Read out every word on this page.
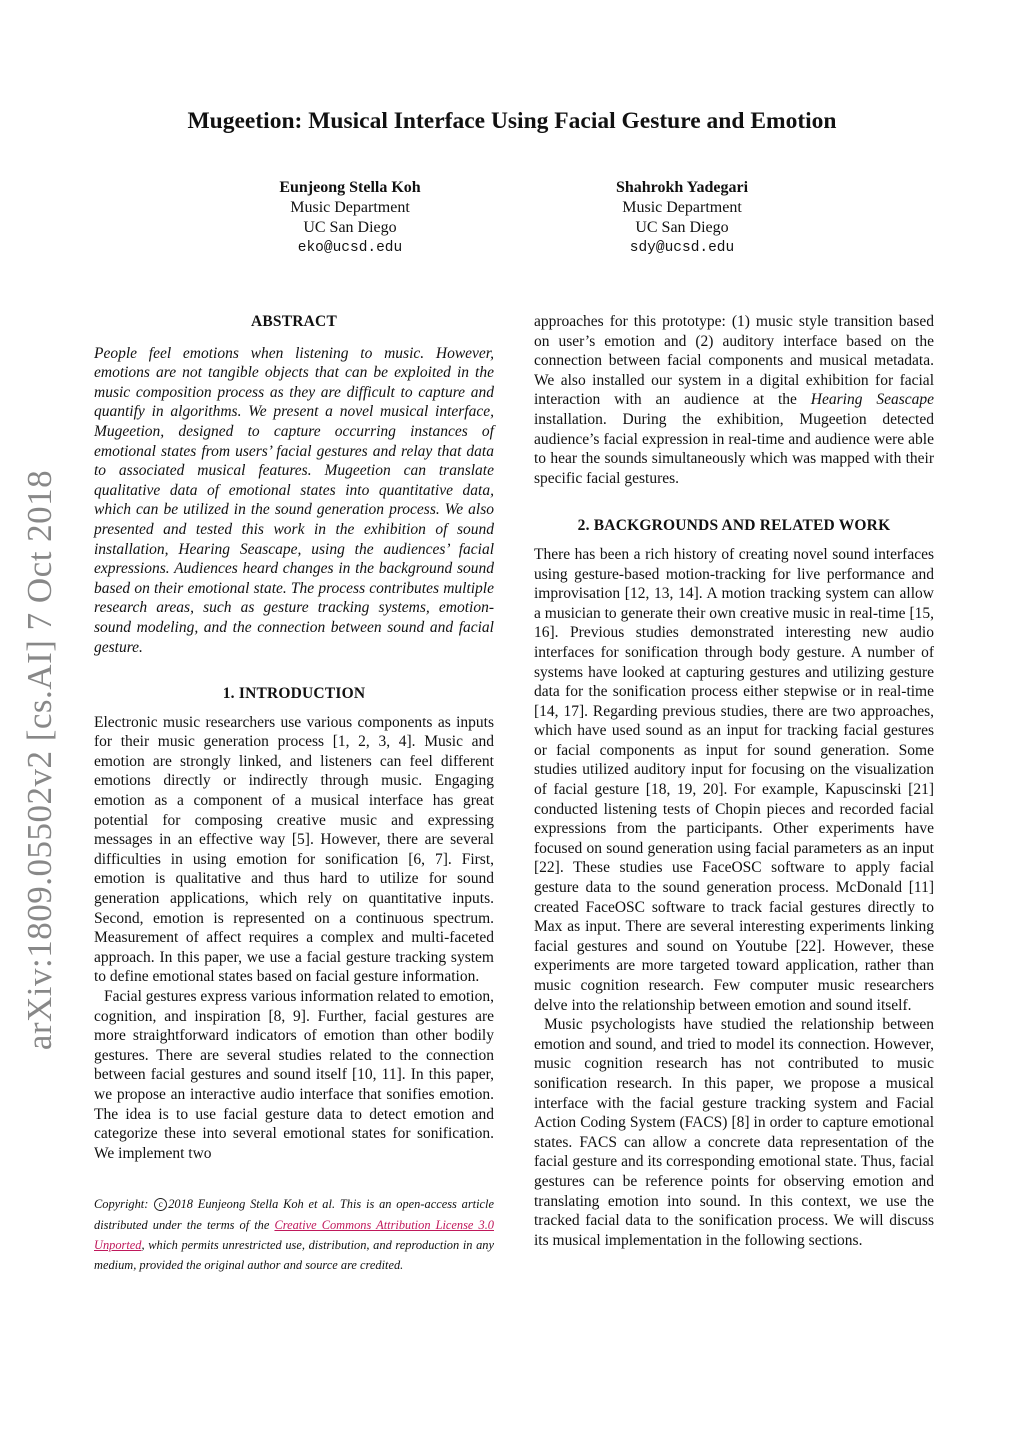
arXiv:1809.05502v2 [cs.AI] 7 Oct 2018
Mugeetion: Musical Interface Using Facial Gesture and Emotion
Eunjeong Stella Koh
Music Department
UC San Diego
eko@ucsd.edu
Shahrokh Yadegari
Music Department
UC San Diego
sdy@ucsd.edu
ABSTRACT

People feel emotions when listening to music. However, emotions are not tangible objects that can be exploited in the music composition process as they are difficult to capture and quantify in algorithms. We present a novel musical interface, Mugeetion, designed to capture occurring instances of emotional states from users’ facial gestures and relay that data to associated musical features. Mugeetion can translate qualitative data of emotional states into quantitative data, which can be utilized in the sound generation process. We also presented and tested this work in the exhibition of sound installation, Hearing Seascape, using the audiences’ facial expressions. Audiences heard changes in the background sound based on their emotional state. The process contributes multiple research areas, such as gesture tracking systems, emotion-sound modeling, and the connection between sound and facial gesture.

1. INTRODUCTION

Electronic music researchers use various components as inputs for their music generation process [1, 2, 3, 4]. Music and emotion are strongly linked, and listeners can feel different emotions directly or indirectly through music. Engaging emotion as a component of a musical interface has great potential for composing creative music and expressing messages in an effective way [5]. However, there are several difficulties in using emotion for sonification [6, 7]. First, emotion is qualitative and thus hard to utilize for sound generation applications, which rely on quantitative inputs. Second, emotion is represented on a continuous spectrum. Measurement of affect requires a complex and multi-faceted approach. In this paper, we use a facial gesture tracking system to define emotional states based on facial gesture information.

Facial gestures express various information related to emotion, cognition, and inspiration [8, 9]. Further, facial gestures are more straightforward indicators of emotion than other bodily gestures. There are several studies related to the connection between facial gestures and sound itself [10, 11]. In this paper, we propose an interactive audio interface that sonifies emotion. The idea is to use facial gesture data to detect emotion and categorize these into several emotional states for sonification. We implement two

Copyright: c 2018 Eunjeong Stella Koh et al. This is an open-access article distributed under the terms of the Creative Commons Attribution License 3.0 Unported, which permits unrestricted use, distribution, and reproduction in any medium, provided the original author and source are credited.

approaches for this prototype: (1) music style transition based on user’s emotion and (2) auditory interface based on the connection between facial components and musical metadata. We also installed our system in a digital exhibition for facial interaction with an audience at the Hearing Seascape installation. During the exhibition, Mugeetion detected audience’s facial expression in real-time and audience were able to hear the sounds simultaneously which was mapped with their specific facial gestures.

2. BACKGROUNDS AND RELATED WORK

There has been a rich history of creating novel sound interfaces using gesture-based motion-tracking for live performance and improvisation [12, 13, 14]. A motion tracking system can allow a musician to generate their own creative music in real-time [15, 16]. Previous studies demonstrated interesting new audio interfaces for sonification through body gesture. A number of systems have looked at capturing gestures and utilizing gesture data for the sonification process either stepwise or in real-time [14, 17]. Regarding previous studies, there are two approaches, which have used sound as an input for tracking facial gestures or facial components as input for sound generation. Some studies utilized auditory input for focusing on the visualization of facial gesture [18, 19, 20]. For example, Kapuscinski [21] conducted listening tests of Chopin pieces and recorded facial expressions from the participants. Other experiments have focused on sound generation using facial parameters as an input [22]. These studies use FaceOSC software to apply facial gesture data to the sound generation process. McDonald [11] created FaceOSC software to track facial gestures directly to Max as input. There are several interesting experiments linking facial gestures and sound on Youtube [22]. However, these experiments are more targeted toward application, rather than music cognition research. Few computer music researchers delve into the relationship between emotion and sound itself.

Music psychologists have studied the relationship between emotion and sound, and tried to model its connection. However, music cognition research has not contributed to music sonification research. In this paper, we propose a musical interface with the facial gesture tracking system and Facial Action Coding System (FACS) [8] in order to capture emotional states. FACS can allow a concrete data representation of the facial gesture and its corresponding emotional state. Thus, facial gestures can be reference points for observing emotion and translating emotion into sound. In this context, we use the tracked facial data to the sonification process. We will discuss its musical implementation in the following sections.
